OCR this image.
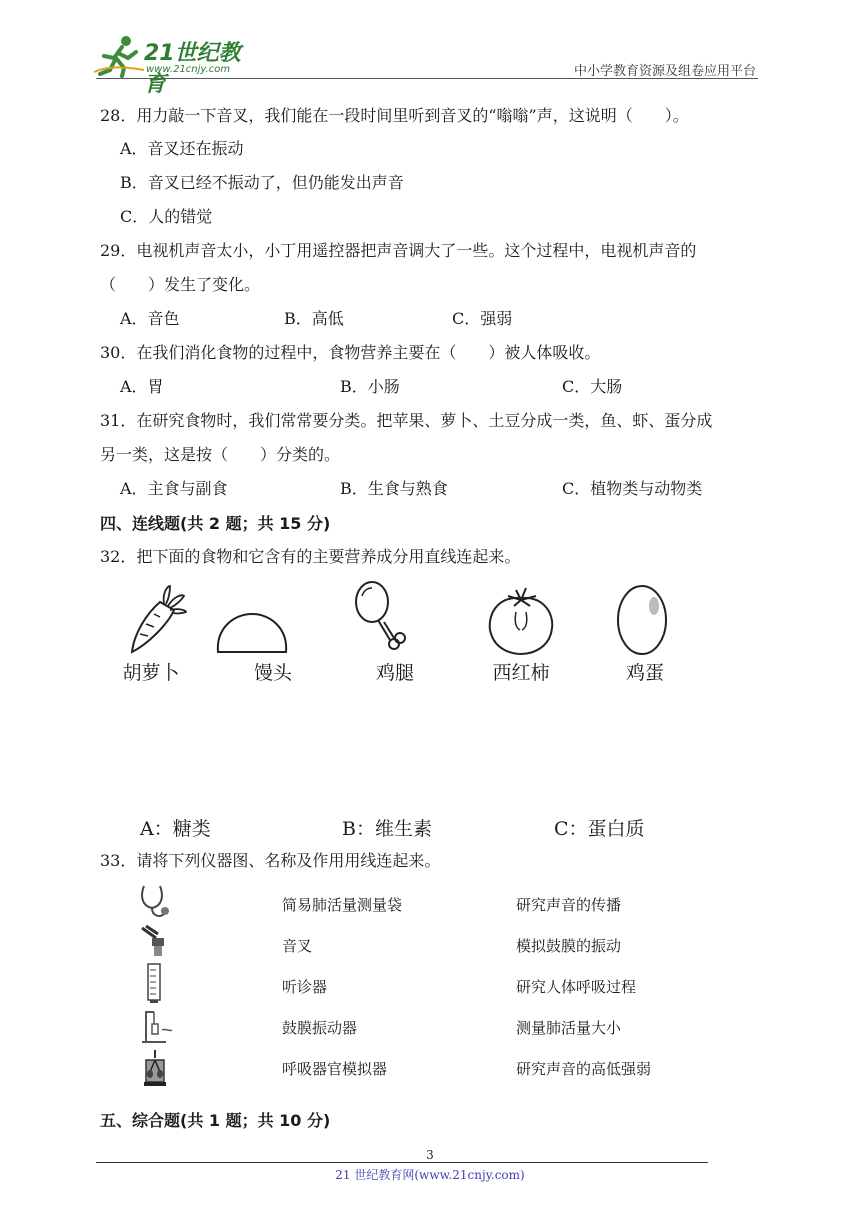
21世纪教育
www.21cnjy.com	中小学教育资源及组卷应用平台
28．用力敲一下音叉，我们能在一段时间里听到音叉的“嗡嗡”声，这说明（　　）。
A．音叉还在振动
B．音叉已经不振动了，但仍能发出声音
C．人的错觉
29．电视机声音太小，小丁用遥控器把声音调大了一些。这个过程中，电视机声音的
（　　）发生了变化。
A．音色	B．高低	C．强弱
30．在我们消化食物的过程中，食物营养主要在（　　）被人体吸收。
A．胃	B．小肠	C．大肠
31．在研究食物时，我们常常要分类。把苹果、萝卜、土豆分成一类，鱼、虾、蛋分成
另一类，这是按（　　）分类的。
A．主食与副食	B．生食与熟食	C．植物类与动物类
四、连线题(共 2 题；共 15 分)
32．把下面的食物和它含有的主要营养成分用直线连起来。
胡萝卜	馒头	鸡腿	西红柿	鸡蛋
A：糖类	B：维生素	C：蛋白质
33．请将下列仪器图、名称及作用用线连起来。
简易肺活量测量袋	研究声音的传播
音叉	模拟鼓膜的振动
听诊器	研究人体呼吸过程
鼓膜振动器	测量肺活量大小
呼吸器官模拟器	研究声音的高低强弱
五、综合题(共 1 题；共 10 分)
3
21 世纪教育网(www.21cnjy.com)
